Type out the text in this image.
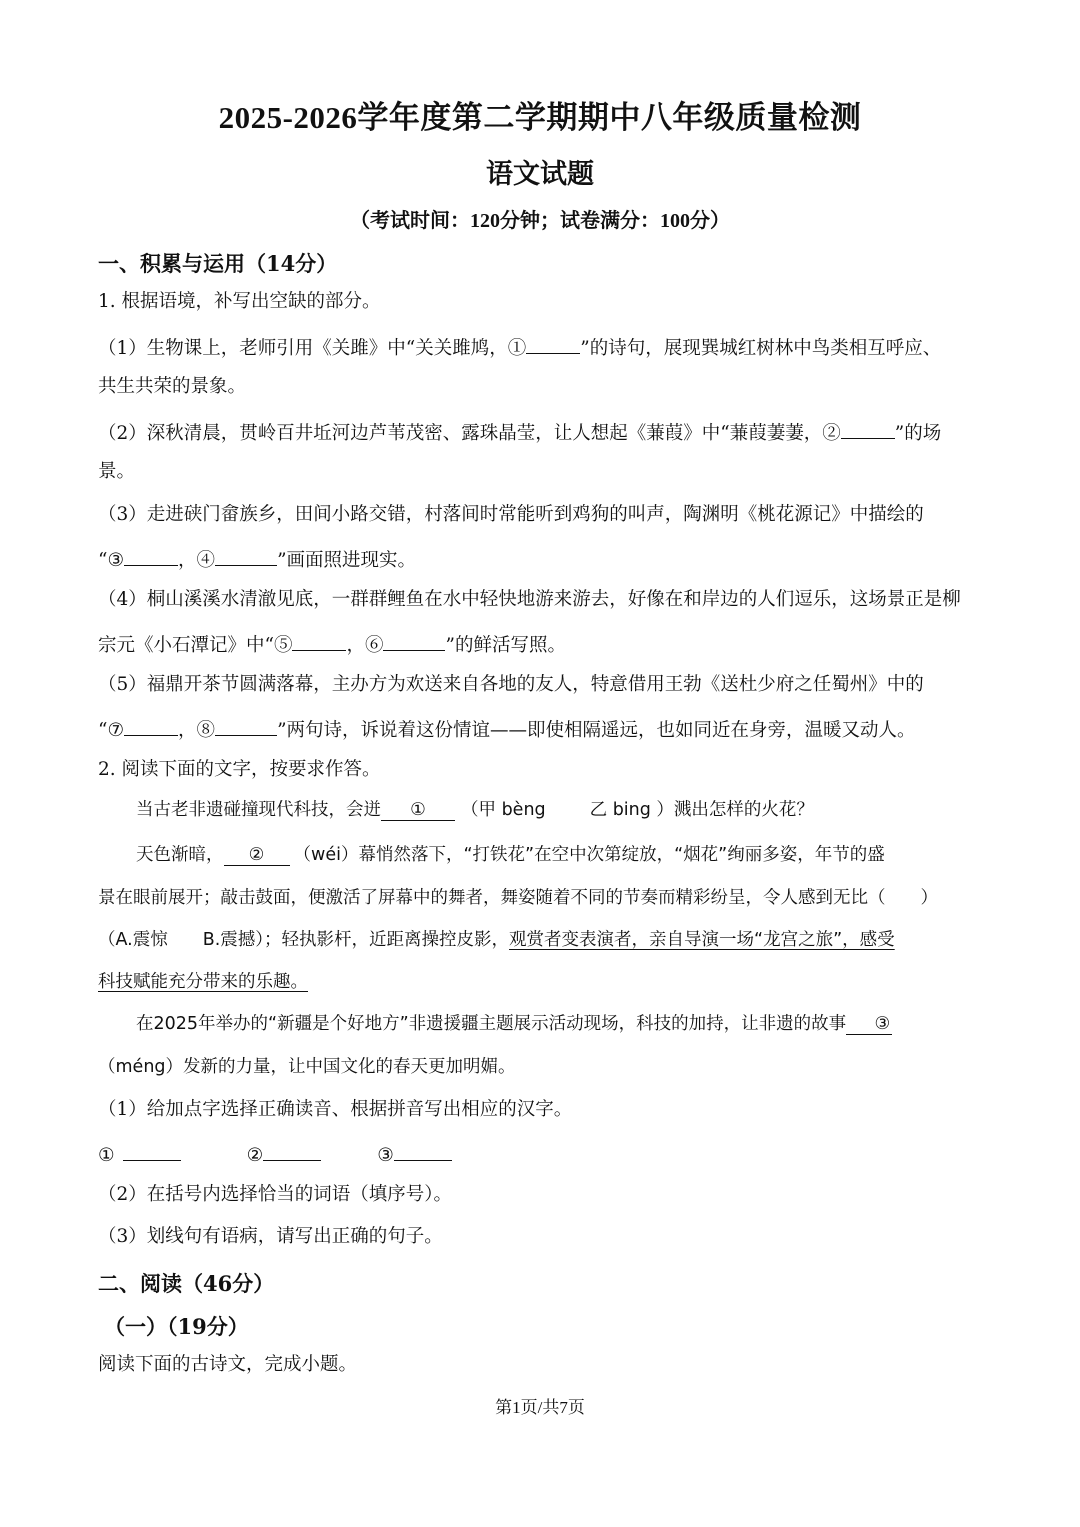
2025-2026学年度第二学期期中八年级质量检测
语文试题
（考试时间：120分钟；试卷满分：100分）
一、积累与运用（14分）
1. 根据语境，补写出空缺的部分。
（1）生物课上，老师引用《关雎》中“关关雎鸠，①	”的诗句，展现巽城红树林中鸟类相互呼应、
共生共荣的景象。
（2）深秋清晨，贯岭百井坵河边芦苇茂密、露珠晶莹，让人想起《蒹葭》中“蒹葭萋萋，②	”的场
景。
（3）走进硖门畲族乡，田间小路交错，村落间时常能听到鸡狗的叫声，陶渊明《桃花源记》中描绘的
“③	，④	”画面照进现实。
（4）桐山溪溪水清澈见底，一群群鲤鱼在水中轻快地游来游去，好像在和岸边的人们逗乐，这场景正是柳
宗元《小石潭记》中“⑤	，⑥	”的鲜活写照。
（5）福鼎开茶节圆满落幕，主办方为欢送来自各地的友人，特意借用王勃《送杜少府之任蜀州》中的
“⑦	，⑧	”两句诗，诉说着这份情谊——即使相隔遥远，也如同近在身旁，温暖又动人。
2. 阅读下面的文字，按要求作答。
当古老非遗碰撞现代科技，会迸 ① （甲 bèng	乙 bing ）溅出怎样的火花？
天色渐暗， ② （wéi）幕悄然落下，“打铁花”在空中次第绽放，“烟花”绚丽多姿，年节的盛
景在眼前展开；敲击鼓面，便激活了屏幕中的舞者，舞姿随着不同的节奏而精彩纷呈，令人感到无比（　　）
（A.震惊　　B.震撼）；轻执影杆，近距离操控皮影，观赏者变表演者，亲自导演一场“龙宫之旅”，感受
科技赋能充分带来的乐趣。
在2025年举办的“新疆是个好地方”非遗援疆主题展示活动现场，科技的加持，让非遗的故事 ③
（méng）发新的力量，让中国文化的春天更加明媚。
（1）给加点字选择正确读音、根据拼音写出相应的汉字。
①	②	③
（2）在括号内选择恰当的词语（填序号）。
（3）划线句有语病，请写出正确的句子。
二、阅读（46分）
（一）（19分）
阅读下面的古诗文，完成小题。
第1页/共7页
